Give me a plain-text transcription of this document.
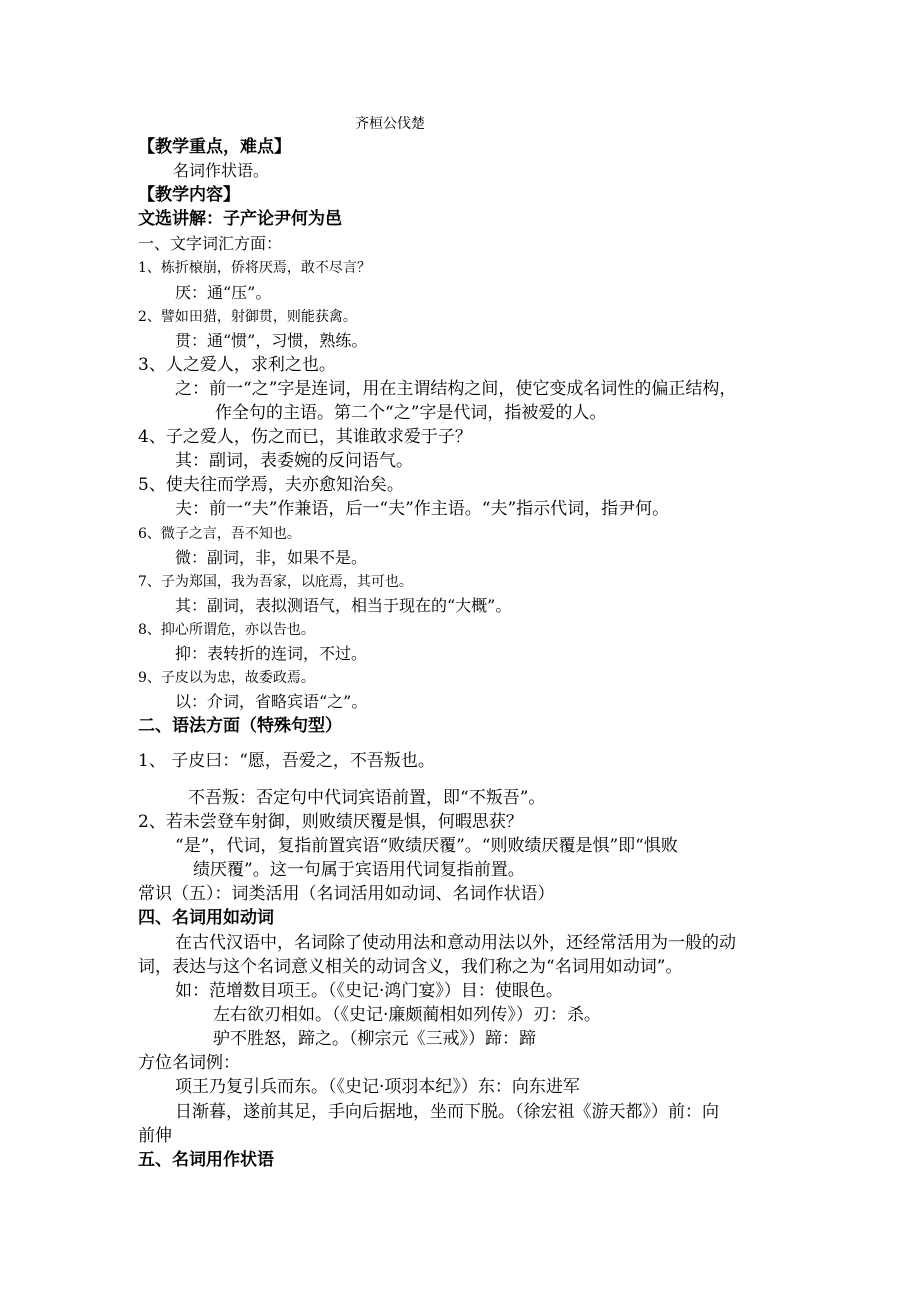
齐桓公伐楚
【教学重点，难点】
名词作状语。
【教学内容】
文选讲解：子产论尹何为邑
一、文字词汇方面：
1、栋折榱崩，侨将厌焉，敢不尽言？
厌：通“压”。
2、譬如田猎，射御贯，则能获禽。
贯：通“惯”，习惯，熟练。
3、人之爱人，求利之也。
之：前一“之”字是连词，用在主谓结构之间，使它变成名词性的偏正结构，
作全句的主语。第二个“之”字是代词，指被爱的人。
4、子之爱人，伤之而已，其谁敢求爱于子？
其：副词，表委婉的反问语气。
5、使夫往而学焉，夫亦愈知治矣。
夫：前一“夫”作兼语，后一“夫”作主语。“夫”指示代词，指尹何。
6、微子之言，吾不知也。
微：副词，非，如果不是。
7、子为郑国，我为吾家，以庇焉，其可也。
其：副词，表拟测语气，相当于现在的“大概”。
8、抑心所谓危，亦以告也。
抑：表转折的连词，不过。
9、子皮以为忠，故委政焉。
以：介词，省略宾语“之”。
二、语法方面（特殊句型）
1、 子皮曰：“愿，吾爱之，不吾叛也。
不吾叛：否定句中代词宾语前置，即“不叛吾”。
2、若未尝登车射御，则败绩厌覆是惧，何暇思获？
“是”，代词，复指前置宾语“败绩厌覆”。“则败绩厌覆是惧”即“惧败
绩厌覆”。这一句属于宾语用代词复指前置。
常识（五）：词类活用（名词活用如动词、名词作状语）
四、名词用如动词
在古代汉语中，名词除了使动用法和意动用法以外，还经常活用为一般的动
词，表达与这个名词意义相关的动词含义，我们称之为“名词用如动词”。
如：范增数目项王。（《史记·鸿门宴》）目：使眼色。
左右欲刃相如。（《史记·廉颇蔺相如列传》）刃：杀。
驴不胜怒，蹄之。（柳宗元《三戒》）蹄：蹄
方位名词例：
项王乃复引兵而东。（《史记·项羽本纪》）东：向东进军
日渐暮，遂前其足，手向后据地，坐而下脱。（徐宏祖《游天都》）前：向
前伸
五、名词用作状语
